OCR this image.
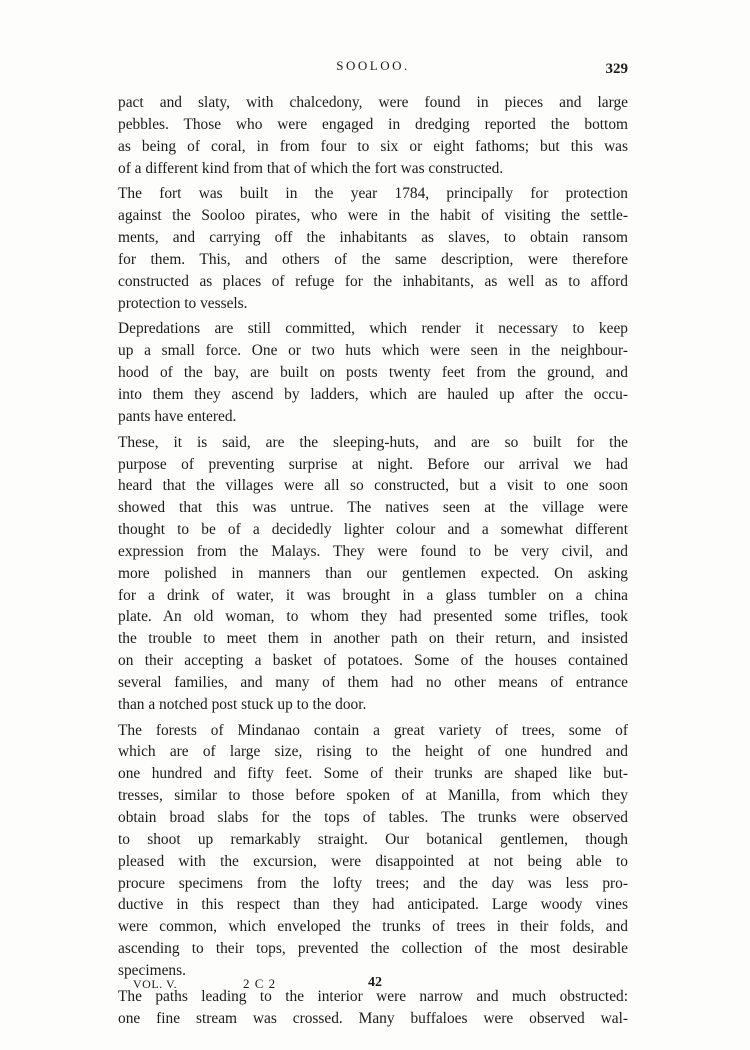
SOOLOO.	329
pact and slaty, with chalcedony, were found in pieces and large
pebbles. Those who were engaged in dredging reported the bottom
as being of coral, in from four to six or eight fathoms; but this was
of a different kind from that of which the fort was constructed.
The fort was built in the year 1784, principally for protection
against the Sooloo pirates, who were in the habit of visiting the settle-
ments, and carrying off the inhabitants as slaves, to obtain ransom
for them. This, and others of the same description, were therefore
constructed as places of refuge for the inhabitants, as well as to afford
protection to vessels.
Depredations are still committed, which render it necessary to keep
up a small force. One or two huts which were seen in the neighbour-
hood of the bay, are built on posts twenty feet from the ground, and
into them they ascend by ladders, which are hauled up after the occu-
pants have entered.
These, it is said, are the sleeping-huts, and are so built for the
purpose of preventing surprise at night. Before our arrival we had
heard that the villages were all so constructed, but a visit to one soon
showed that this was untrue. The natives seen at the village were
thought to be of a decidedly lighter colour and a somewhat different
expression from the Malays. They were found to be very civil, and
more polished in manners than our gentlemen expected. On asking
for a drink of water, it was brought in a glass tumbler on a china
plate. An old woman, to whom they had presented some trifles, took
the trouble to meet them in another path on their return, and insisted
on their accepting a basket of potatoes. Some of the houses contained
several families, and many of them had no other means of entrance
than a notched post stuck up to the door.
The forests of Mindanao contain a great variety of trees, some of
which are of large size, rising to the height of one hundred and
one hundred and fifty feet. Some of their trunks are shaped like but-
tresses, similar to those before spoken of at Manilla, from which they
obtain broad slabs for the tops of tables. The trunks were observed
to shoot up remarkably straight. Our botanical gentlemen, though
pleased with the excursion, were disappointed at not being able to
procure specimens from the lofty trees; and the day was less pro-
ductive in this respect than they had anticipated. Large woody vines
were common, which enveloped the trunks of trees in their folds, and
ascending to their tops, prevented the collection of the most desirable
specimens.
The paths leading to the interior were narrow and much obstructed:
one fine stream was crossed. Many buffaloes were observed wal-
VOL. V.	2 C 2	42
